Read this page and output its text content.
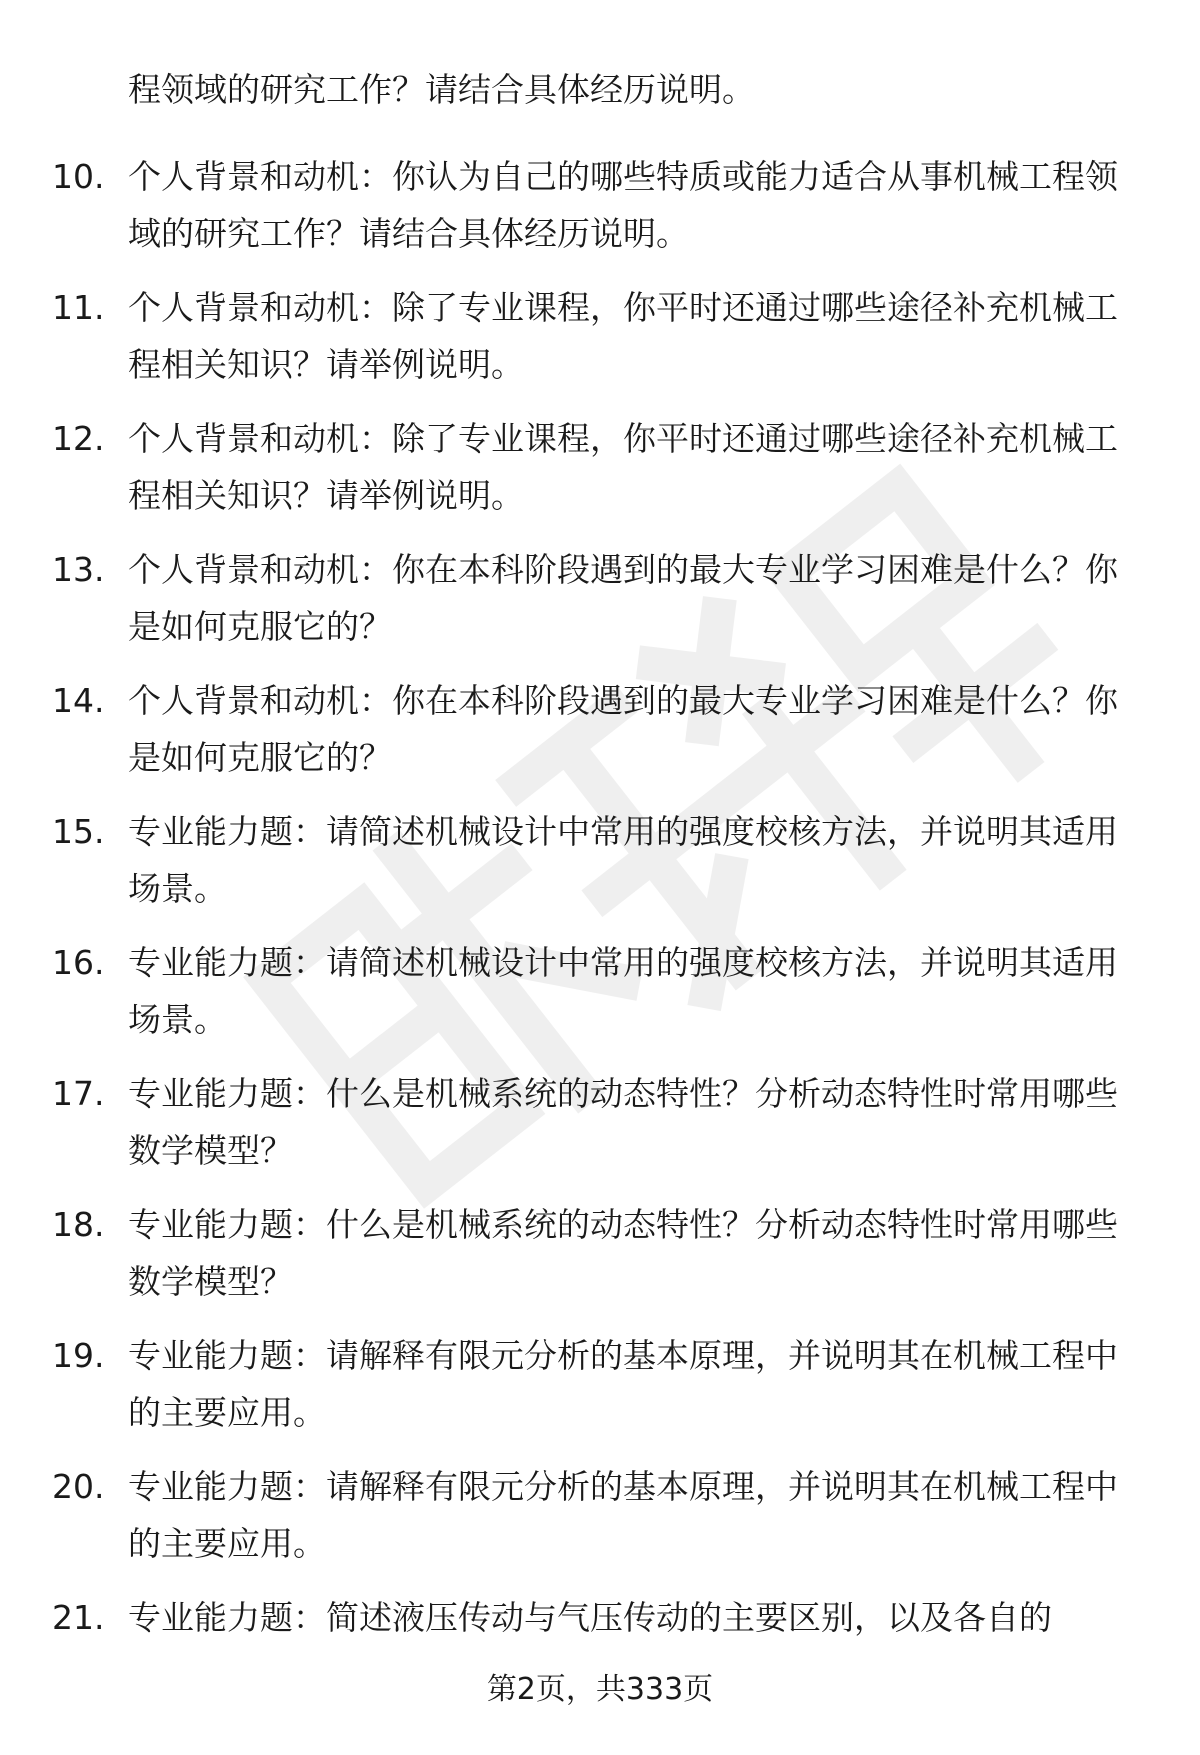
程领域的研究工作？请结合具体经历说明。
10. 个人背景和动机：你认为自己的哪些特质或能力适合从事机械工程领域的研究工作？请结合具体经历说明。
11. 个人背景和动机：除了专业课程，你平时还通过哪些途径补充机械工程相关知识？请举例说明。
12. 个人背景和动机：除了专业课程，你平时还通过哪些途径补充机械工程相关知识？请举例说明。
13. 个人背景和动机：你在本科阶段遇到的最大专业学习困难是什么？你是如何克服它的？
14. 个人背景和动机：你在本科阶段遇到的最大专业学习困难是什么？你是如何克服它的？
15. 专业能力题：请简述机械设计中常用的强度校核方法，并说明其适用场景。
16. 专业能力题：请简述机械设计中常用的强度校核方法，并说明其适用场景。
17. 专业能力题：什么是机械系统的动态特性？分析动态特性时常用哪些数学模型？
18. 专业能力题：什么是机械系统的动态特性？分析动态特性时常用哪些数学模型？
19. 专业能力题：请解释有限元分析的基本原理，并说明其在机械工程中的主要应用。
20. 专业能力题：请解释有限元分析的基本原理，并说明其在机械工程中的主要应用。
21. 专业能力题：简述液压传动与气压传动的主要区别，以及各自的
第2页，共333页
